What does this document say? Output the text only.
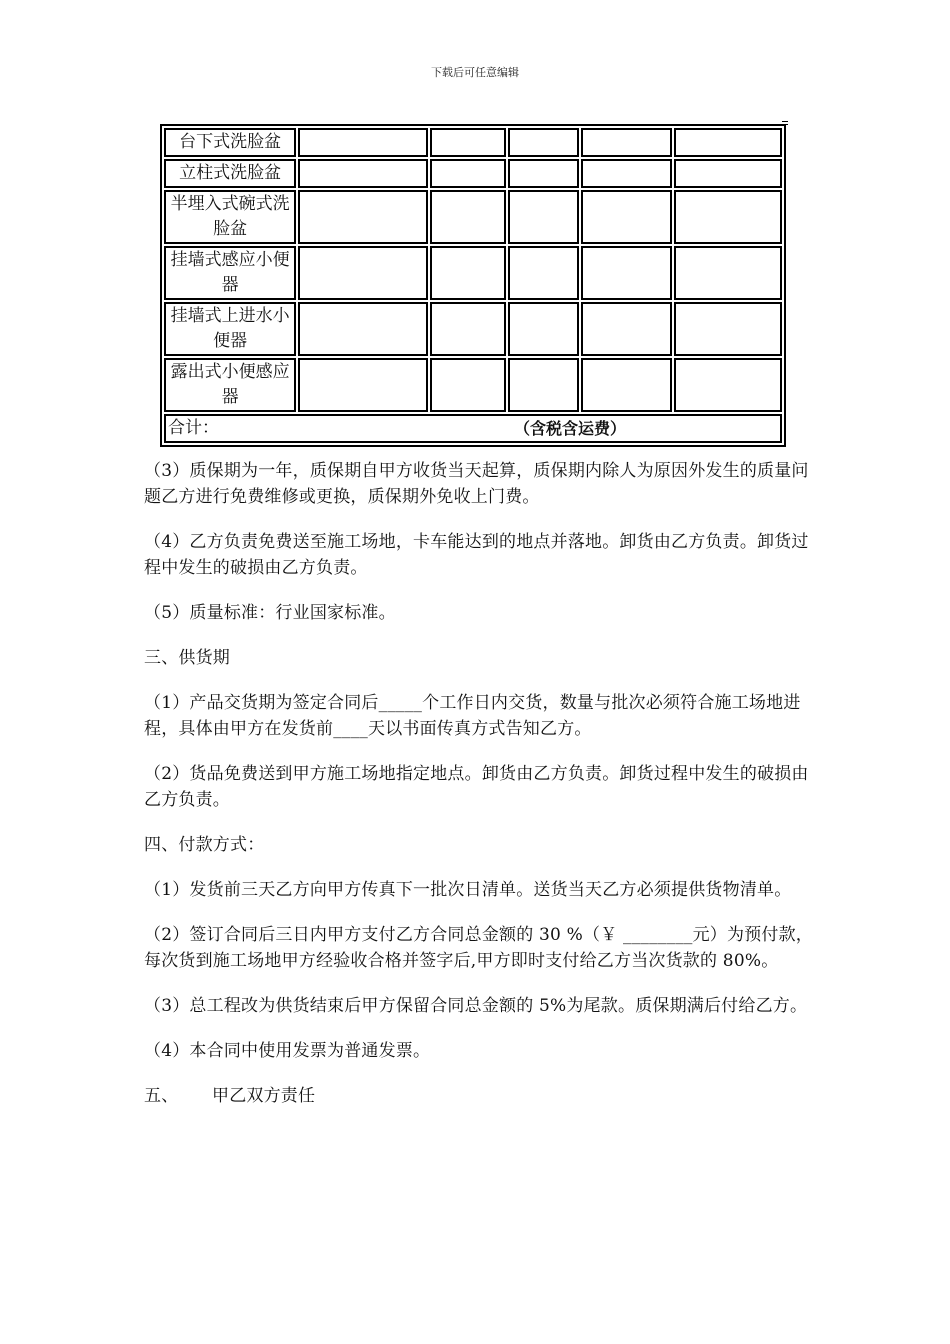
下载后可任意编辑
台下式洗脸盆					
立柱式洗脸盆					
半埋入式碗式洗脸盆					
挂墙式感应小便器					
挂墙式上进水小便器					
露出式小便感应器					

合计： （含税含运费）					

（3）质保期为一年，质保期自甲方收货当天起算，质保期内除人为原因外发生的质量问题乙方进行免费维修或更换，质保期外免收上门费。

（4）乙方负责免费送至施工场地，卡车能达到的地点并落地。卸货由乙方负责。卸货过程中发生的破损由乙方负责。

（5）质量标准：行业国家标准。

三、供货期

（1）产品交货期为签定合同后_____个工作日内交货，数量与批次必须符合施工场地进程，具体由甲方在发货前____天以书面传真方式告知乙方。

（2）货品免费送到甲方施工场地指定地点。卸货由乙方负责。卸货过程中发生的破损由乙方负责。

四、付款方式：

（1）发货前三天乙方向甲方传真下一批次日清单。送货当天乙方必须提供货物清单。

（2）签订合同后三日内甲方支付乙方合同总金额的 30 %（￥ ________元）为预付款，每次货到施工场地甲方经验收合格并签字后,甲方即时支付给乙方当次货款的 80%。

（3）总工程改为供货结束后甲方保留合同总金额的 5%为尾款。质保期满后付给乙方。

（4）本合同中使用发票为普通发票。

五、 甲乙双方责任
